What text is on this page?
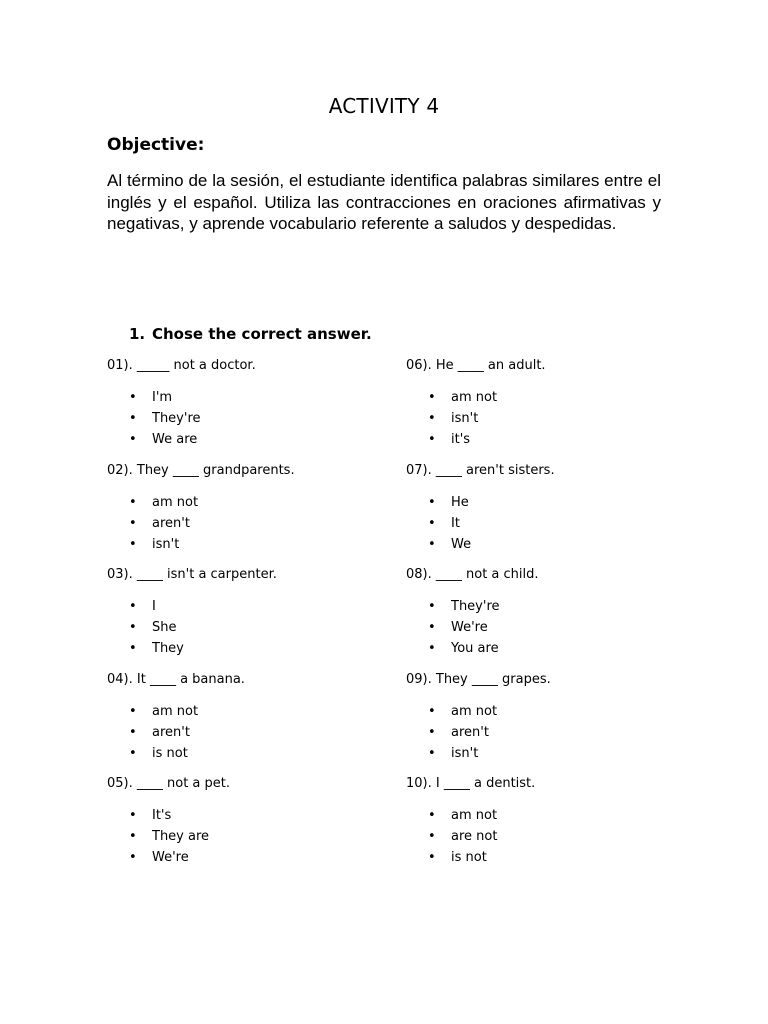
ACTIVITY 4
Objective:

Al término de la sesión, el estudiante identifica palabras similares entre el inglés y el español. Utiliza las contracciones en oraciones afirmativas y negativas, y aprende vocabulario referente a saludos y despedidas.

1. Chose the correct answer.
01). _____ not a doctor.
• I'm
• They're
• We are
02). They ____ grandparents.
• am not
• aren't
• isn't
03). ____ isn't a carpenter.
• I
• She
• They
04). It ____ a banana.
• am not
• aren't
• is not
05). ____ not a pet.
• It's
• They are
• We're
06). He ____ an adult.
• am not
• isn't
• it's
07). ____ aren't sisters.
• He
• It
• We
08). ____ not a child.
• They're
• We're
• You are
09). They ____ grapes.
• am not
• aren't
• isn't
10). I ____ a dentist.
• am not
• are not
• is not
